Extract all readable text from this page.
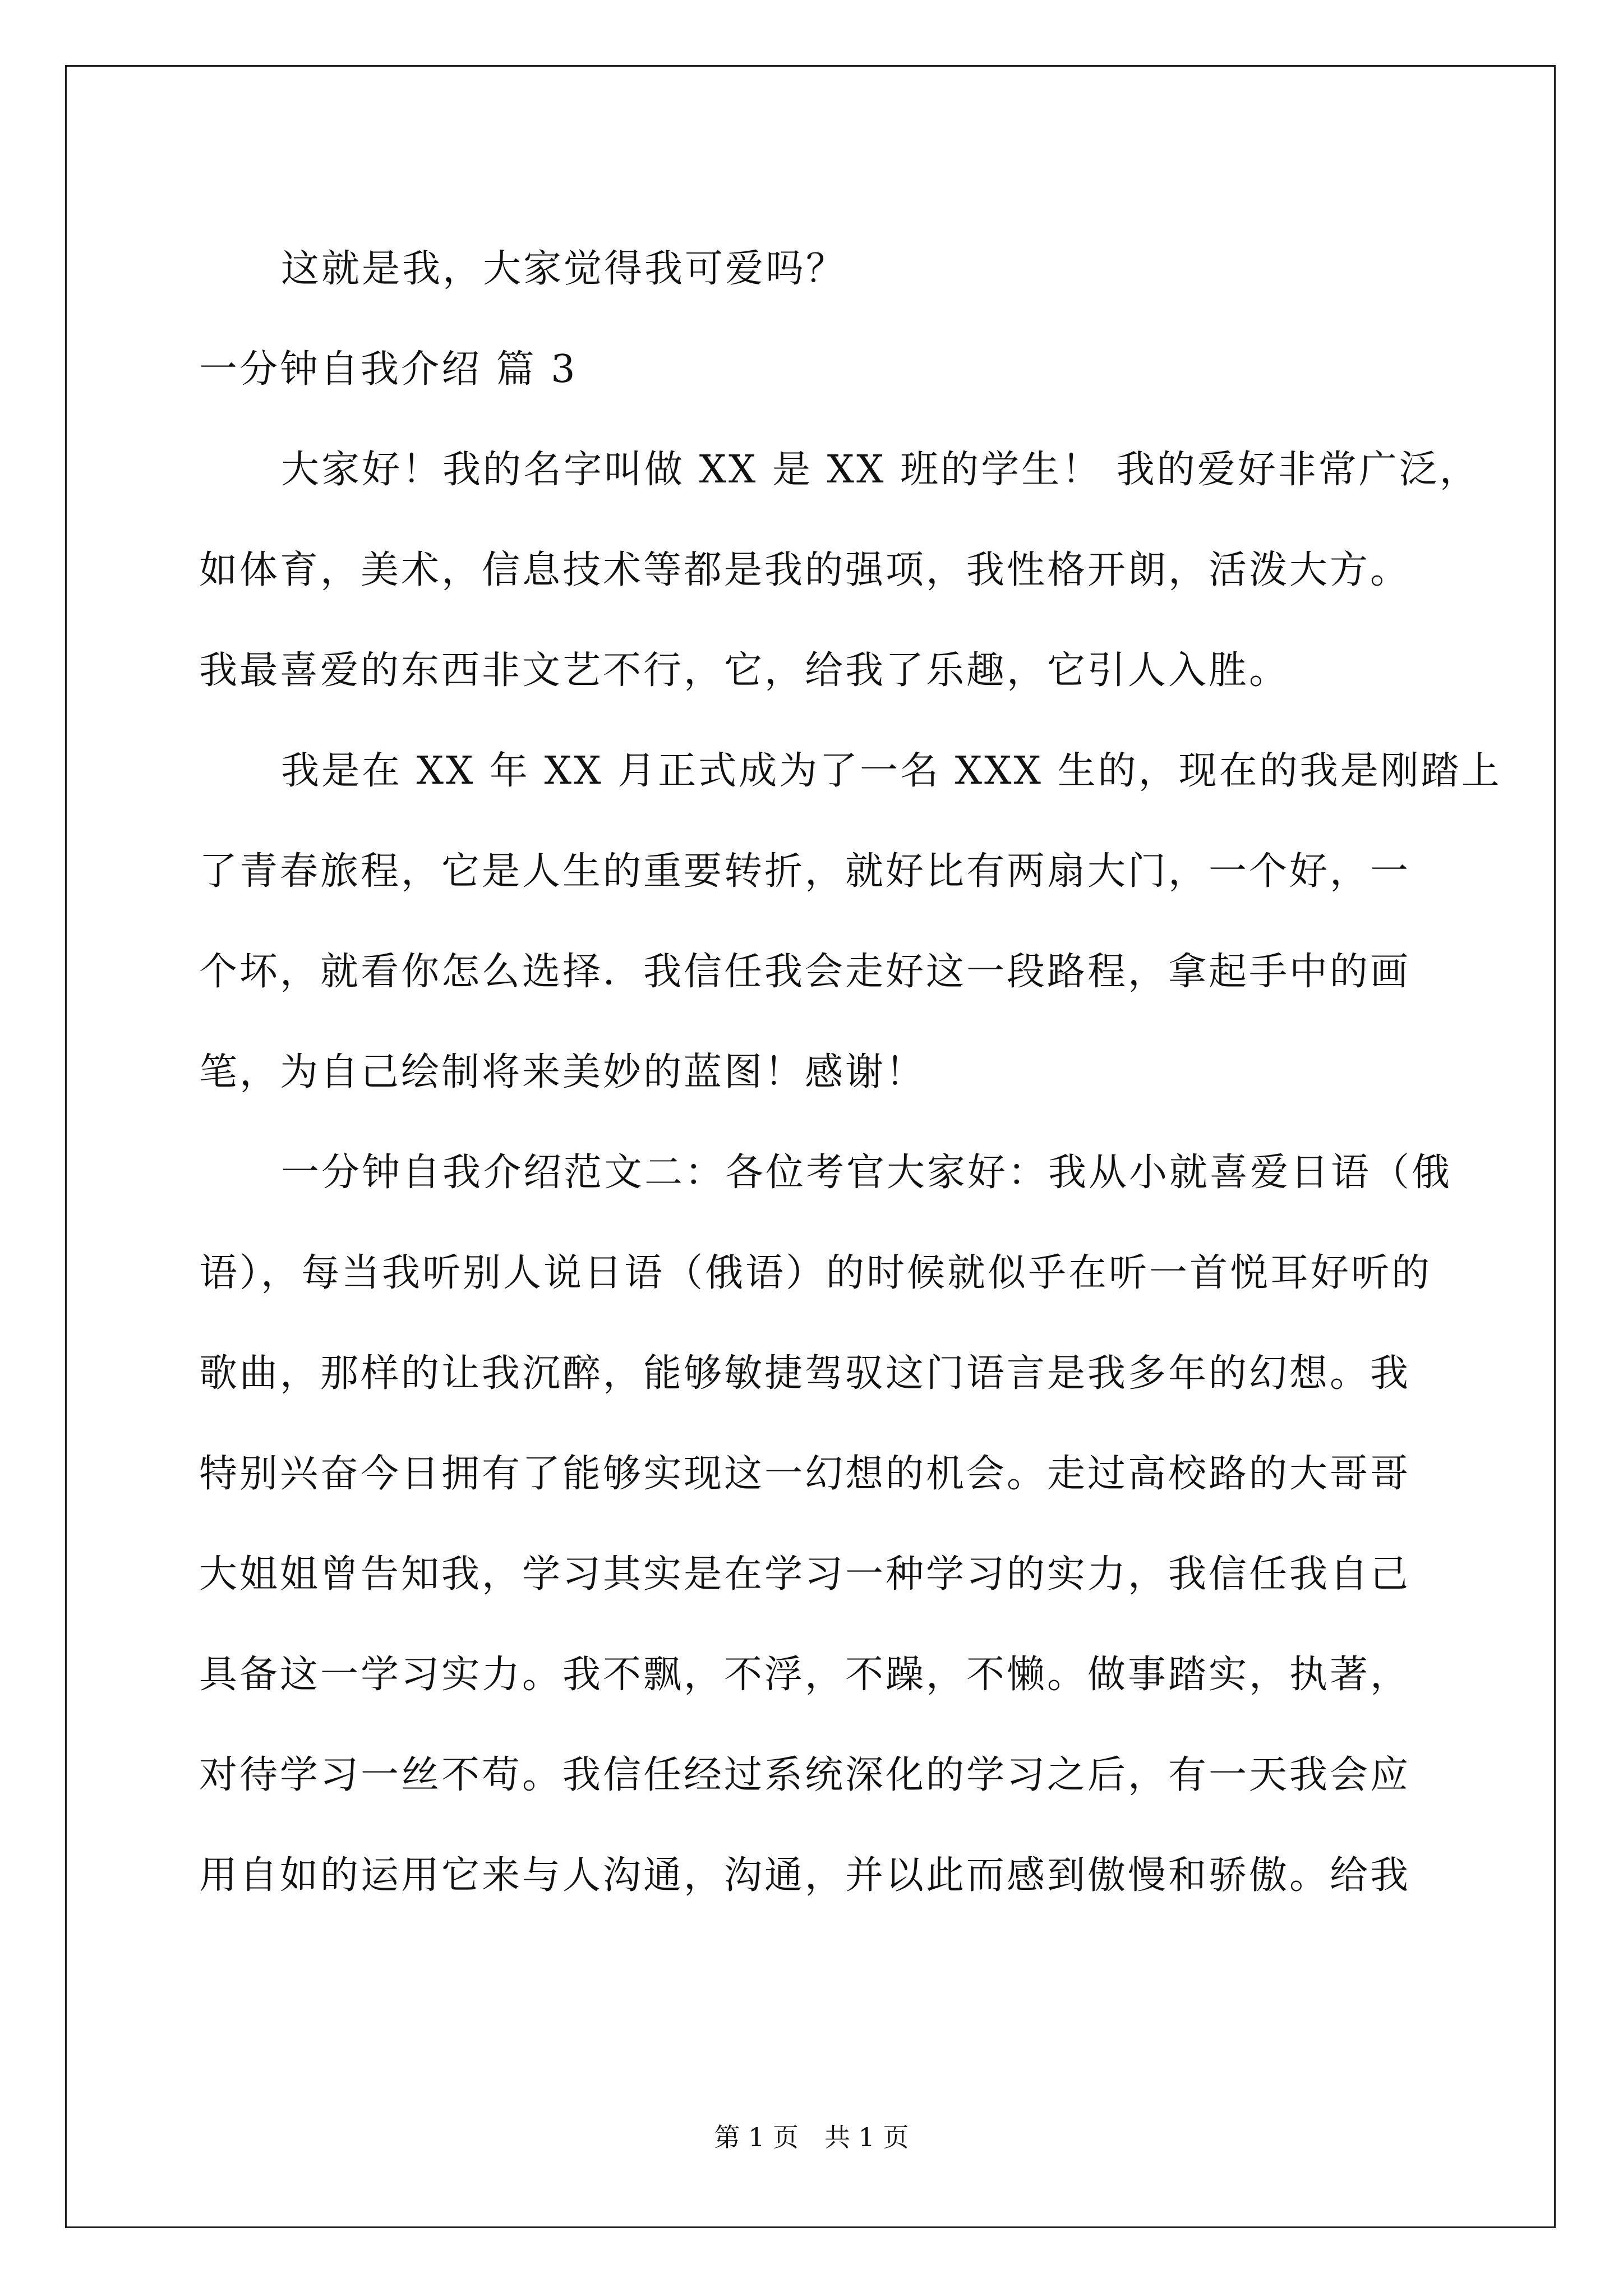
这就是我，大家觉得我可爱吗？
一分钟自我介绍 篇 3
大家好！我的名字叫做 XX 是 XX 班的学生！ 我的爱好非常广泛，
如体育，美术，信息技术等都是我的强项，我性格开朗，活泼大方。
我最喜爱的东西非文艺不行，它，给我了乐趣，它引人入胜。
我是在 XX 年 XX 月正式成为了一名 XXX 生的，现在的我是刚踏上
了青春旅程，它是人生的重要转折，就好比有两扇大门，一个好，一
个坏，就看你怎么选择．我信任我会走好这一段路程，拿起手中的画
笔，为自己绘制将来美妙的蓝图！感谢！
一分钟自我介绍范文二：各位考官大家好：我从小就喜爱日语（俄
语），每当我听别人说日语（俄语）的时候就似乎在听一首悦耳好听的
歌曲，那样的让我沉醉，能够敏捷驾驭这门语言是我多年的幻想。我
特别兴奋今日拥有了能够实现这一幻想的机会。走过高校路的大哥哥
大姐姐曾告知我，学习其实是在学习一种学习的实力，我信任我自己
具备这一学习实力。我不飘，不浮，不躁，不懒。做事踏实，执著，
对待学习一丝不苟。我信任经过系统深化的学习之后，有一天我会应
用自如的运用它来与人沟通，沟通，并以此而感到傲慢和骄傲。给我
第 1 页　共 1 页
